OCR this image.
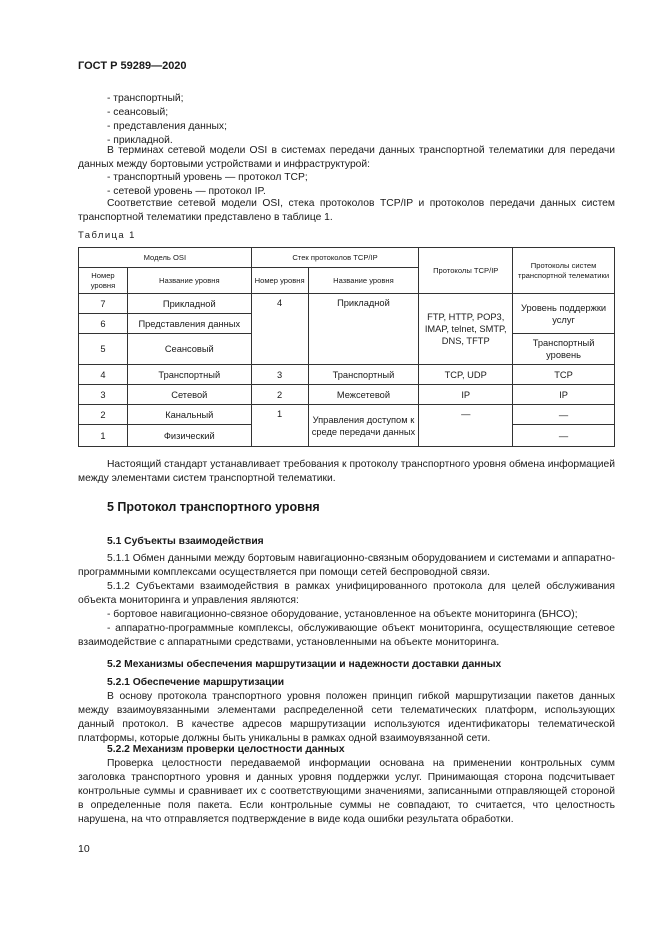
ГОСТ Р 59289—2020
- транспортный;
- сеансовый;
- представления данных;
- прикладной.

В терминах сетевой модели OSI в системах передачи данных транспортной телематики для передачи данных между бортовыми устройствами и инфраструктурой:

- транспортный уровень — протокол TCP;
- сетевой уровень — протокол IP.

Соответствие сетевой модели OSI, стека протоколов TCP/IP и протоколов передачи данных систем транспортной телематики представлено в таблице 1.

Таблица 1
Модель OSI		Стек протоколов TCP/IP		Протоколы TCP/IP	Протоколы систем транспортной телематики
Номер уровня	Название уровня	Номер уровня	Название уровня		
7	Прикладной	4	Прикладной	FTP, HTTP, POP3, IMAP, telnet, SMTP, DNS, TFTP	Уровень поддержки услуг
6	Представления данных				
5	Сеансовый				Транспортный уровень
4	Транспортный	3	Транспортный	TCP, UDP	TCP
3	Сетевой	2	Межсетевой	IP	IP
2	Канальный	1	Управления доступом к среде передачи данных	—	—
1	Физический				—

Настоящий стандарт устанавливает требования к протоколу транспортного уровня обмена информацией между элементами систем транспортной телематики.

5 Протокол транспортного уровня
5.1 Субъекты взаимодействия

5.1.1 Обмен данными между бортовым навигационно-связным оборудованием и системами и аппаратно-программными комплексами осуществляется при помощи сетей беспроводной связи.

5.1.2 Субъектами взаимодействия в рамках унифицированного протокола для целей обслуживания объекта мониторинга и управления являются:

- бортовое навигационно-связное оборудование, установленное на объекте мониторинга (БНСО);

- аппаратно-программные комплексы, обслуживающие объект мониторинга, осуществляющие сетевое взаимодействие с аппаратными средствами, установленными на объекте мониторинга.

5.2 Механизмы обеспечения маршрутизации и надежности доставки данных
5.2.1 Обеспечение маршрутизации

В основу протокола транспортного уровня положен принцип гибкой маршрутизации пакетов данных между взаимоувязанными элементами распределенной сети телематических платформ, использующих данный протокол. В качестве адресов маршрутизации используются идентификаторы телематической платформы, которые должны быть уникальны в рамках одной взаимоувязанной сети.

5.2.2 Механизм проверки целостности данных

Проверка целостности передаваемой информации основана на применении контрольных сумм заголовка транспортного уровня и данных уровня поддержки услуг. Принимающая сторона подсчитывает контрольные суммы и сравнивает их с соответствующими значениями, записанными отправляющей стороной в определенные поля пакета. Если контрольные суммы не совпадают, то считается, что целостность нарушена, на что отправляется подтверждение в виде кода ошибки результата обработки.

10
